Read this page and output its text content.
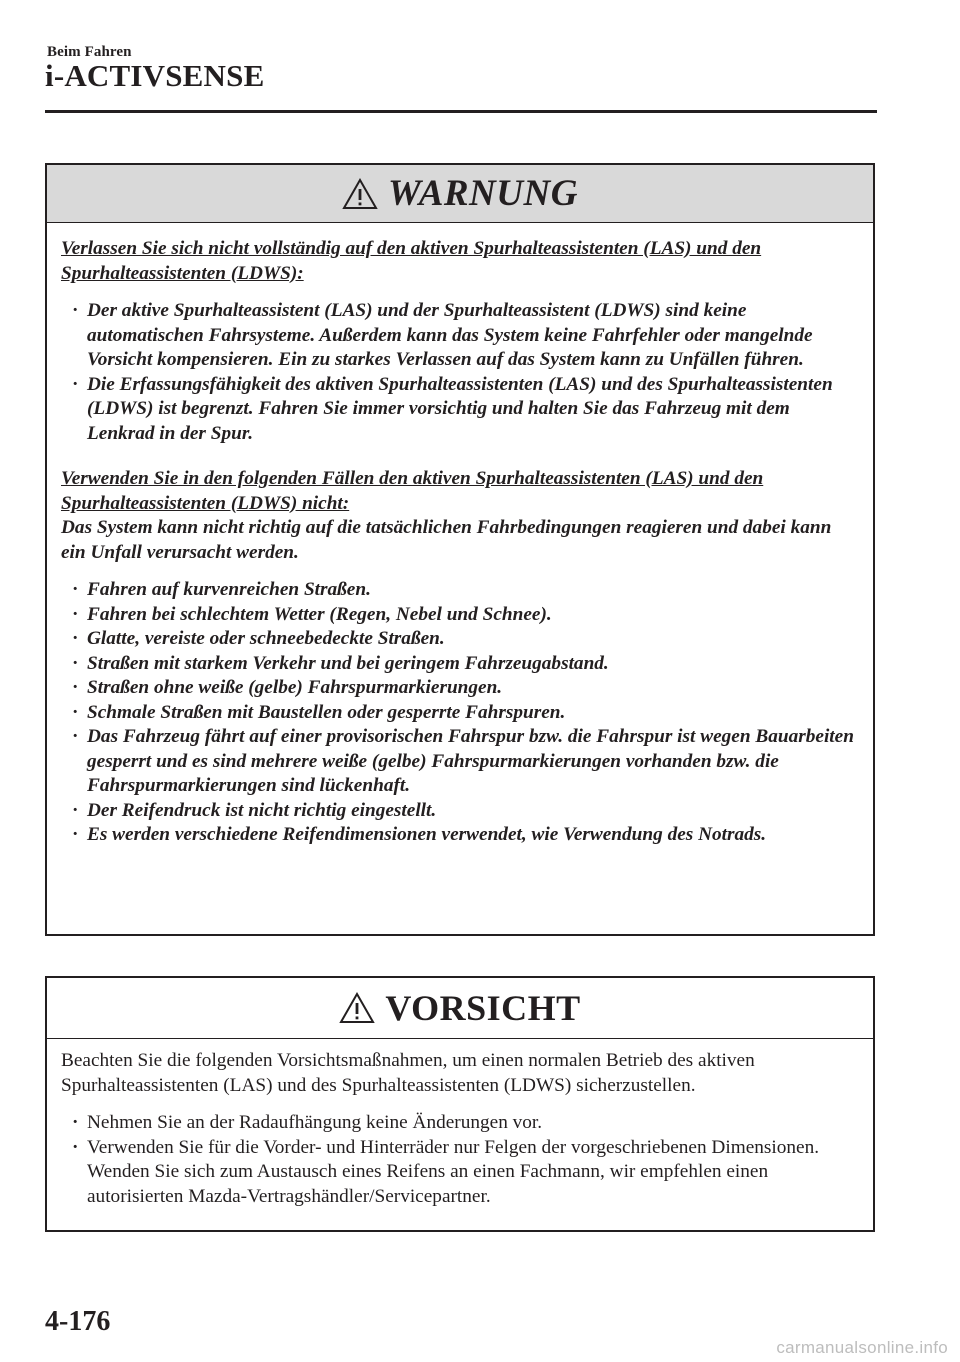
Beim Fahren
i-ACTIVSENSE
WARNUNG
Verlassen Sie sich nicht vollständig auf den aktiven Spurhalteassistenten (LAS) und den Spurhalteassistenten (LDWS):
· Der aktive Spurhalteassistent (LAS) und der Spurhalteassistent (LDWS) sind keine automatischen Fahrsysteme. Außerdem kann das System keine Fahrfehler oder mangelnde Vorsicht kompensieren. Ein zu starkes Verlassen auf das System kann zu Unfällen führen.
· Die Erfassungsfähigkeit des aktiven Spurhalteassistenten (LAS) und des Spurhalteassistenten (LDWS) ist begrenzt. Fahren Sie immer vorsichtig und halten Sie das Fahrzeug mit dem Lenkrad in der Spur.
Verwenden Sie in den folgenden Fällen den aktiven Spurhalteassistenten (LAS) und den Spurhalteassistenten (LDWS) nicht:
Das System kann nicht richtig auf die tatsächlichen Fahrbedingungen reagieren und dabei kann ein Unfall verursacht werden.
· Fahren auf kurvenreichen Straßen.
· Fahren bei schlechtem Wetter (Regen, Nebel und Schnee).
· Glatte, vereiste oder schneebedeckte Straßen.
· Straßen mit starkem Verkehr und bei geringem Fahrzeugabstand.
· Straßen ohne weiße (gelbe) Fahrspurmarkierungen.
· Schmale Straßen mit Baustellen oder gesperrte Fahrspuren.
· Das Fahrzeug fährt auf einer provisorischen Fahrspur bzw. die Fahrspur ist wegen Bauarbeiten gesperrt und es sind mehrere weiße (gelbe) Fahrspurmarkierungen vorhanden bzw. die Fahrspurmarkierungen sind lückenhaft.
· Der Reifendruck ist nicht richtig eingestellt.
· Es werden verschiedene Reifendimensionen verwendet, wie Verwendung des Notrads.
VORSICHT
Beachten Sie die folgenden Vorsichtsmaßnahmen, um einen normalen Betrieb des aktiven Spurhalteassistenten (LAS) und des Spurhalteassistenten (LDWS) sicherzustellen.
· Nehmen Sie an der Radaufhängung keine Änderungen vor.
· Verwenden Sie für die Vorder- und Hinterräder nur Felgen der vorgeschriebenen Dimensionen. Wenden Sie sich zum Austausch eines Reifens an einen Fachmann, wir empfehlen einen autorisierten Mazda-Vertragshändler/Servicepartner.
4-176
carmanualsonline.info
